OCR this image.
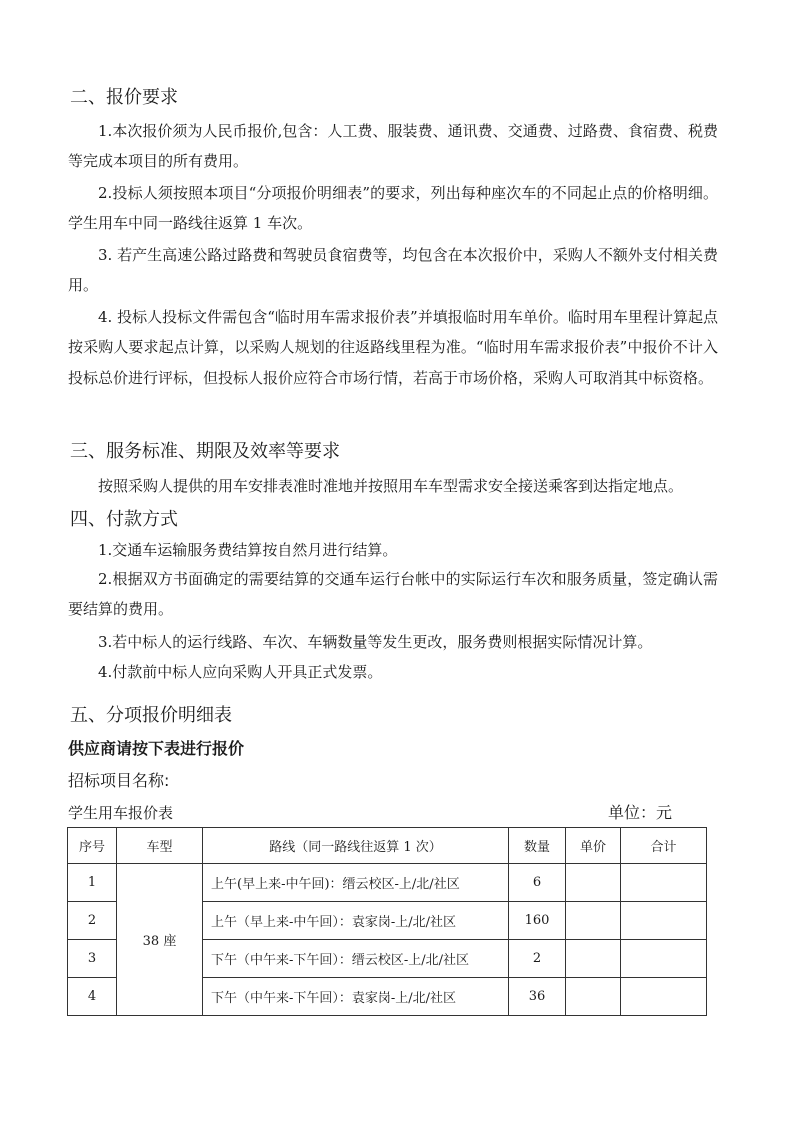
二、报价要求

1.本次报价须为人民币报价,包含：人工费、服装费、通讯费、交通费、过路费、食宿费、税费等完成本项目的所有费用。

2.投标人须按照本项目“分项报价明细表”的要求，列出每种座次车的不同起止点的价格明细。学生用车中同一路线往返算 1 车次。

3. 若产生高速公路过路费和驾驶员食宿费等，均包含在本次报价中，采购人不额外支付相关费用。

4. 投标人投标文件需包含“临时用车需求报价表”并填报临时用车单价。临时用车里程计算起点按采购人要求起点计算，以采购人规划的往返路线里程为准。“临时用车需求报价表”中报价不计入投标总价进行评标，但投标人报价应符合市场行情，若高于市场价格，采购人可取消其中标资格。

三、服务标准、期限及效率等要求
按照采购人提供的用车安排表准时准地并按照用车车型需求安全接送乘客到达指定地点。
四、付款方式
1.交通车运输服务费结算按自然月进行结算。

2.根据双方书面确定的需要结算的交通车运行台帐中的实际运行车次和服务质量，签定确认需要结算的费用。

3.若中标人的运行线路、车次、车辆数量等发生更改，服务费则根据实际情况计算。
4.付款前中标人应向采购人开具正式发票。
五、分项报价明细表
供应商请按下表进行报价
招标项目名称:
学生用车报价表	单位：元
序号	车型	路线（同一路线往返算 1 次）	数量	单价	合计
1	38 座	上午(早上来-中午回)：缙云校区-上/北/社区	6		
2		上午（早上来-中午回）：袁家岗-上/北/社区	160		
3		下午（中午来-下午回）：缙云校区-上/北/社区	2		
4		下午（中午来-下午回）：袁家岗-上/北/社区	36		
